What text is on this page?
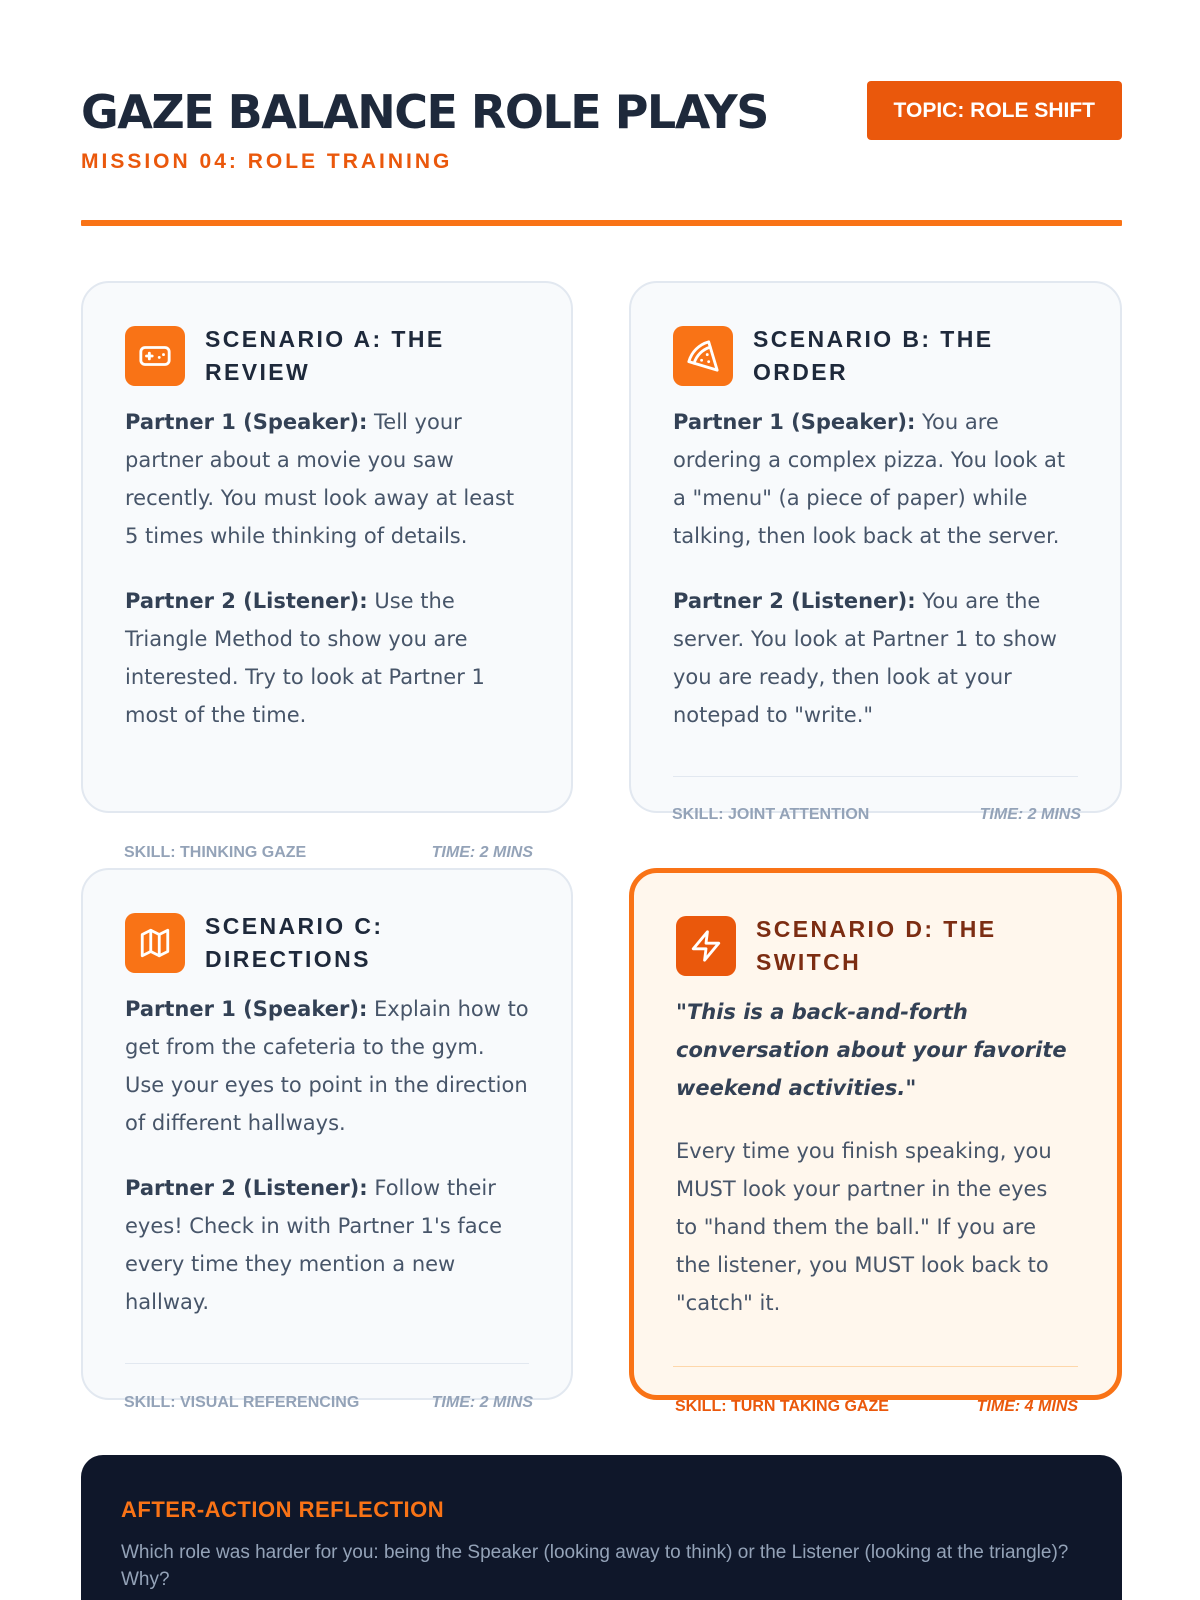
GAZE BALANCE ROLE PLAYS	TOPIC: ROLE SHIFT
MISSION 04: ROLE TRAINING
SCENARIO A: THE
REVIEW

Partner 1 (Speaker): Tell your partner about a movie you saw recently. You must look away at least 5 times while thinking of details.

Partner 2 (Listener): Use the Triangle Method to show you are interested. Try to look at Partner 1 most of the time.

SKILL: THINKING GAZE	TIME: 2 MINS
SCENARIO B: THE
ORDER

Partner 1 (Speaker): You are ordering a complex pizza. You look at a "menu" (a piece of paper) while talking, then look back at the server.

Partner 2 (Listener): You are the server. You look at Partner 1 to show you are ready, then look at your notepad to "write."

SKILL: JOINT ATTENTION	TIME: 2 MINS
SCENARIO C:
DIRECTIONS

Partner 1 (Speaker): Explain how to get from the cafeteria to the gym. Use your eyes to point in the direction of different hallways.

Partner 2 (Listener): Follow their eyes! Check in with Partner 1's face every time they mention a new hallway.

SKILL: VISUAL REFERENCING	TIME: 2 MINS
SCENARIO D: THE
SWITCH

"This is a back-and-forth conversation about your favorite weekend activities."

Every time you finish speaking, you MUST look your partner in the eyes to "hand them the ball." If you are the listener, you MUST look back to "catch" it.

SKILL: TURN TAKING GAZE	TIME: 4 MINS
AFTER-ACTION REFLECTION

Which role was harder for you: being the Speaker (looking away to think) or the Listener (looking at the triangle)? Why?
